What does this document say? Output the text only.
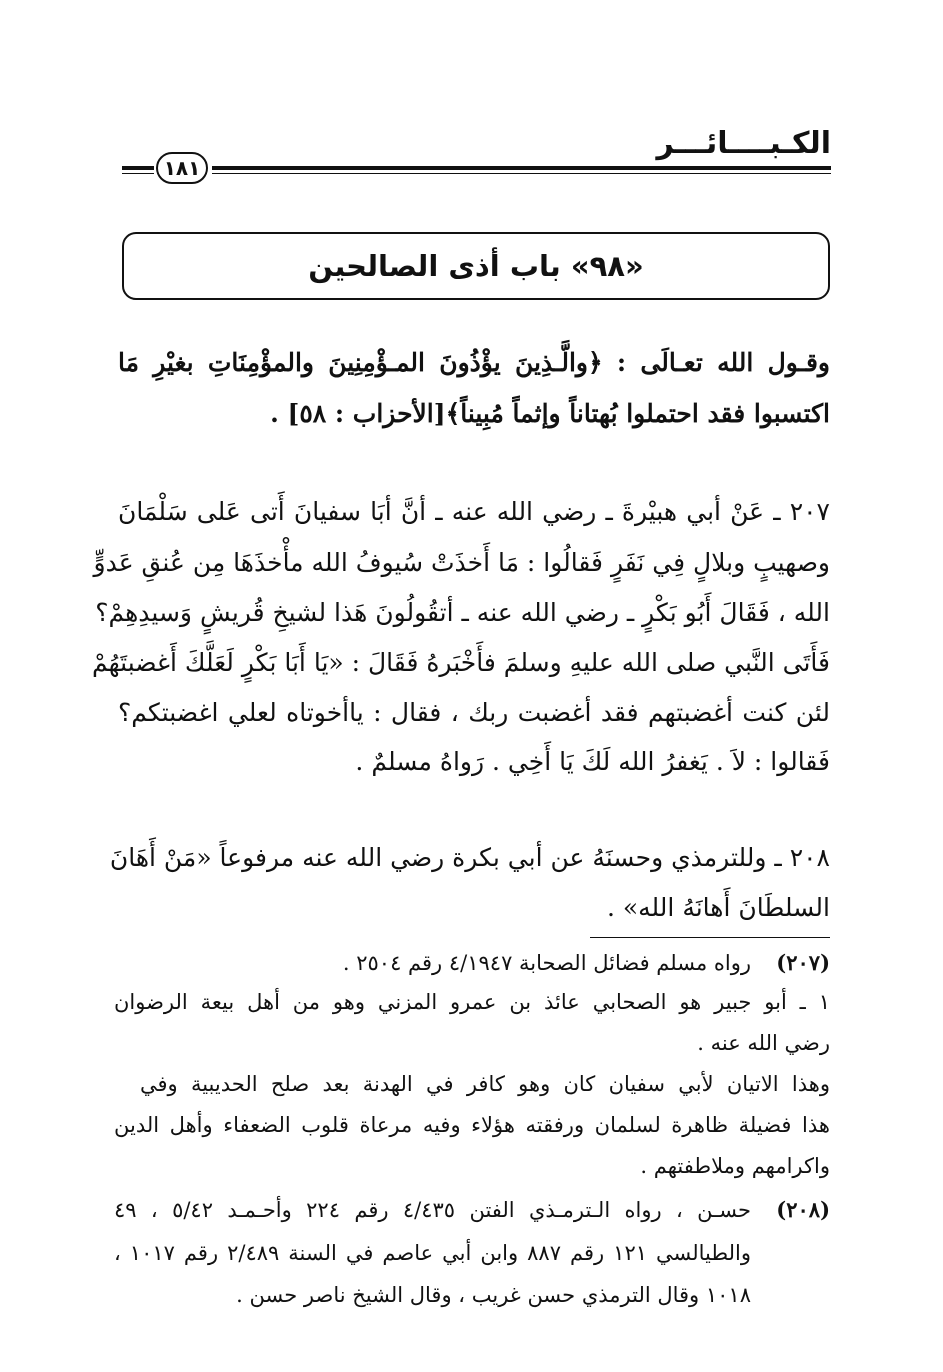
الكـبــــائـــر
١٨١
«٩٨» باب أذى الصالحين
وقـول الله تعـالَى : ﴿والَّـذِينَ يؤْذُونَ المـؤْمِنِينَ والمؤْمِنَاتِ بغيْرِ مَا
اكتسبوا فقد احتملوا بُهتاناً وإثماً مُبِيناً﴾[الأحزاب : ٥٨] .
٢٠٧ ـ عَنْ أبي هبيْرةَ ـ رضي الله عنه ـ أنَّ أبَا سفيانَ أَتى عَلى سَلْمَانَ
وصهيبٍ وبلالٍ فِي نَفَرٍ فَقالُوا : مَا أَخذَتْ سُيوفُ الله مأْخذَهَا مِن عُنقِ عَدوٍّ
الله ، فَقَالَ أَبُو بَكْرٍ ـ رضي الله عنه ـ أتقُولُونَ هَذا لشيخِ قُريشٍ وَسيدِهِمْ؟
فَأَتَى النَّبي صلى الله عليهِ وسلمَ فأَخْبَرهُ فَقَالَ : «يَا أَبَا بَكْرٍ لَعَلَّكَ أَغضبتَهُمْ
لئن كنت أغضبتهم فقد أغضبت ربك ، فقال : ياأخوتاه لعلي اغضبتكم؟
فَقالوا : لاَ . يَغفرُ الله لَكَ يَا أَخِي . رَواهُ مسلمٌ .
٢٠٨ ـ وللترمذي وحسنَهُ عن أبي بكرة رضي الله عنه مرفوعاً «مَنْ أَهَانَ
السلطَانَ أَهانَهُ الله» .
(٢٠٧)
رواه مسلم فضائل الصحابة ٤/١٩٤٧ رقم ٢٥٠٤ .
١ ـ أبو جبير هو الصحابي عائذ بن عمرو المزني وهو من أهل بيعة الرضوان
رضي الله عنه .
وهذا الاتيان لأبي سفيان كان وهو كافر في الهدنة بعد صلح الحديبية وفي
هذا فضيلة ظاهرة لسلمان ورفقته هؤلاء وفيه مرعاة قلوب الضعفاء وأهل الدين
واكرامهم وملاطفتهم .
(٢٠٨)
حسـن ، رواه الـترمـذي الفتن ٤/٤٣٥ رقم ٢٢٤ وأحـمـد ٥/٤٢ ، ٤٩
والطيالسي ١٢١ رقم ٨٨٧ وابن أبي عاصم في السنة ٢/٤٨٩ رقم ١٠١٧ ،
١٠١٨ وقال الترمذي حسن غريب ، وقال الشيخ ناصر حسن .
